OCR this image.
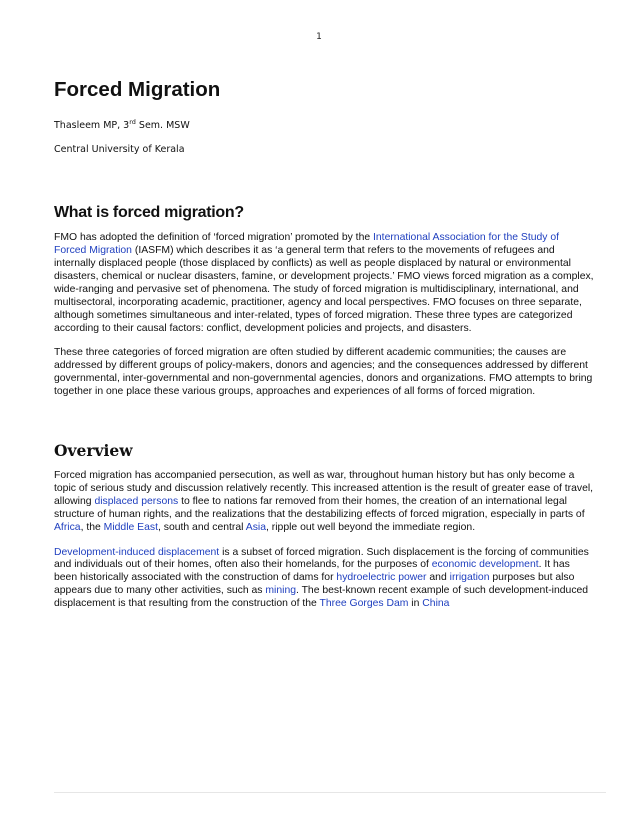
1
Forced Migration

Thasleem MP, 3rd Sem. MSW

Central University of Kerala

What is forced migration?

FMO has adopted the definition of ‘forced migration’ promoted by the International Association for the Study of Forced Migration (IASFM) which describes it as ‘a general term that refers to the movements of refugees and internally displaced people (those displaced by conflicts) as well as people displaced by natural or environmental disasters, chemical or nuclear disasters, famine, or development projects.’ FMO views forced migration as a complex, wide-ranging and pervasive set of phenomena. The study of forced migration is multidisciplinary, international, and multisectoral, incorporating academic, practitioner, agency and local perspectives. FMO focuses on three separate, although sometimes simultaneous and inter-related, types of forced migration. These three types are categorized according to their causal factors: conflict, development policies and projects, and disasters.

These three categories of forced migration are often studied by different academic communities; the causes are addressed by different groups of policy-makers, donors and agencies; and the consequences addressed by different governmental, inter-governmental and non-governmental agencies, donors and organizations. FMO attempts to bring together in one place these various groups, approaches and experiences of all forms of forced migration.

Overview

Forced migration has accompanied persecution, as well as war, throughout human history but has only become a topic of serious study and discussion relatively recently. This increased attention is the result of greater ease of travel, allowing displaced persons to flee to nations far removed from their homes, the creation of an international legal structure of human rights, and the realizations that the destabilizing effects of forced migration, especially in parts of Africa, the Middle East, south and central Asia, ripple out well beyond the immediate region.

Development-induced displacement is a subset of forced migration. Such displacement is the forcing of communities and individuals out of their homes, often also their homelands, for the purposes of economic development. It has been historically associated with the construction of dams for hydroelectric power and irrigation purposes but also appears due to many other activities, such as mining. The best-known recent example of such development-induced displacement is that resulting from the construction of the Three Gorges Dam in China
